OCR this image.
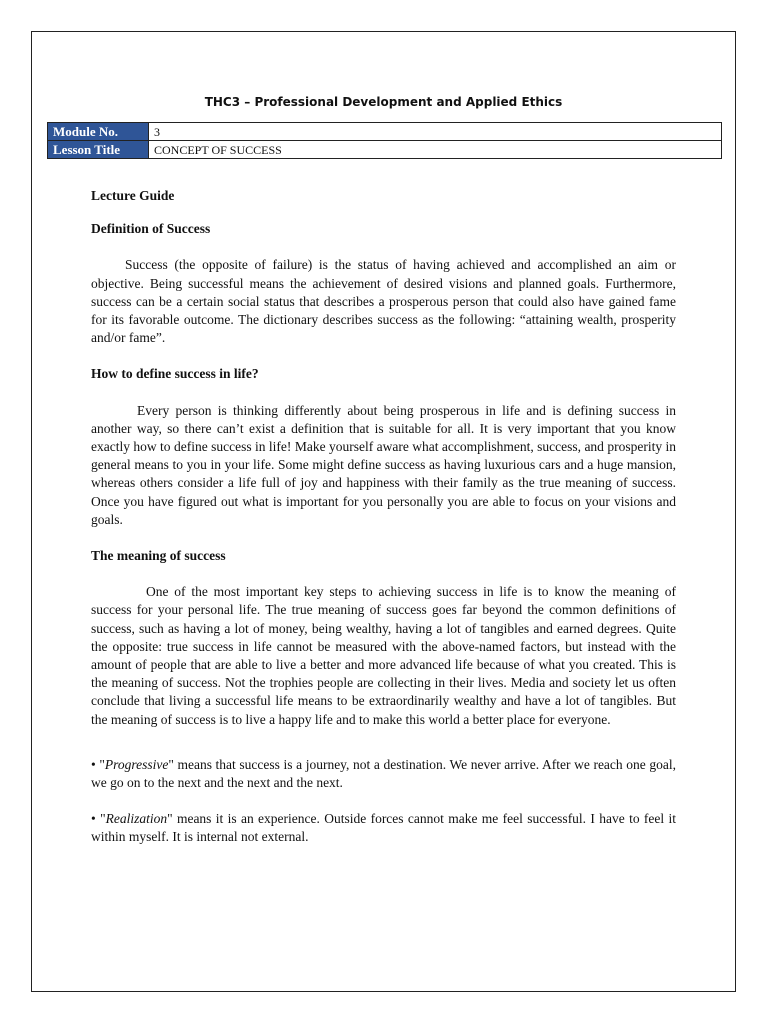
THC3 – Professional Development and Applied Ethics
Module No.	3
Lesson Title	CONCEPT OF SUCCESS

Lecture Guide

Definition of Success

Success (the opposite of failure) is the status of having achieved and accomplished an aim or objective. Being successful means the achievement of desired visions and planned goals. Furthermore, success can be a certain social status that describes a prosperous person that could also have gained fame for its favorable outcome. The dictionary describes success as the following: “attaining wealth, prosperity and/or fame”.

How to define success in life?

Every person is thinking differently about being prosperous in life and is defining success in another way, so there can’t exist a definition that is suitable for all. It is very important that you know exactly how to define success in life! Make yourself aware what accomplishment, success, and prosperity in general means to you in your life. Some might define success as having luxurious cars and a huge mansion, whereas others consider a life full of joy and happiness with their family as the true meaning of success. Once you have figured out what is important for you personally you are able to focus on your visions and goals.

The meaning of success

One of the most important key steps to achieving success in life is to know the meaning of success for your personal life. The true meaning of success goes far beyond the common definitions of success, such as having a lot of money, being wealthy, having a lot of tangibles and earned degrees. Quite the opposite: true success in life cannot be measured with the above-named factors, but instead with the amount of people that are able to live a better and more advanced life because of what you created. This is the meaning of success. Not the trophies people are collecting in their lives. Media and society let us often conclude that living a successful life means to be extraordinarily wealthy and have a lot of tangibles. But the meaning of success is to live a happy life and to make this world a better place for everyone.

• "Progressive" means that success is a journey, not a destination. We never arrive. After we reach one goal, we go on to the next and the next and the next.

• "Realization" means it is an experience. Outside forces cannot make me feel successful. I have to feel it within myself. It is internal not external.
